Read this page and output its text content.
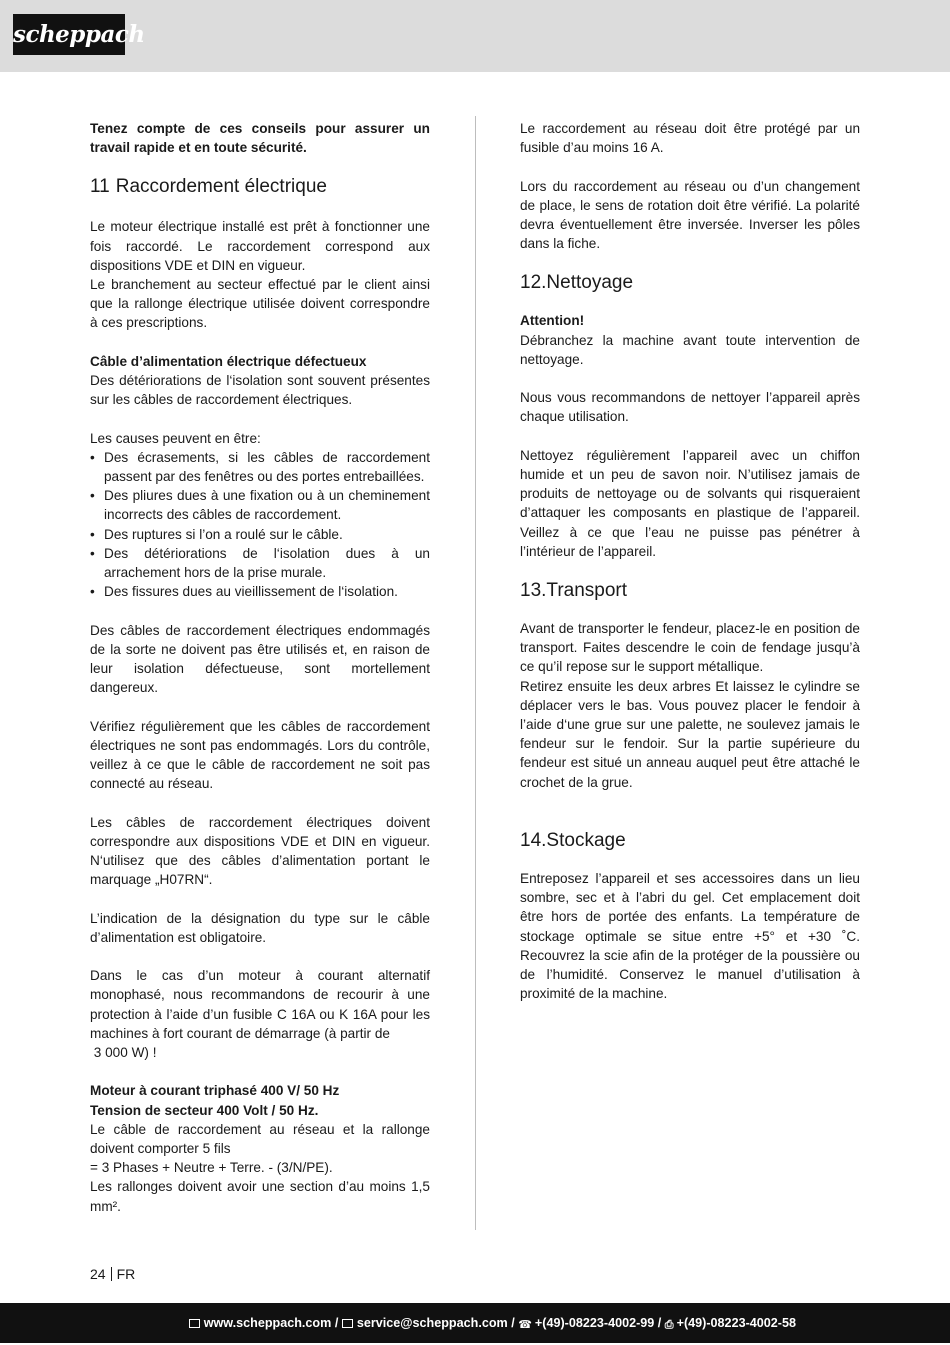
scheppach

Tenez compte de ces conseils pour assurer un travail rapide et en toute sécurité.

11 Raccordement électrique

Le moteur électrique installé est prêt à fonctionner une fois raccordé. Le raccordement correspond aux dispositions VDE et DIN en vigueur.

Le branchement au secteur effectué par le client ainsi que la rallonge électrique utilisée doivent correspondre à ces prescriptions.

Câble d’alimentation électrique défectueux

Des détériorations de l‘isolation sont souvent présentes sur les câbles de raccordement électriques.

Les causes peuvent en être:

• Des écrasements, si les câbles de raccordement passent par des fenêtres ou des portes entrebaillées.
• Des pliures dues à une fixation ou à un cheminement incorrects des câbles de raccordement.
• Des ruptures si l’on a roulé sur le câble.
• Des détériorations de l‘isolation dues à un arrachement hors de la prise murale.
• Des fissures dues au vieillissement de l‘isolation.

Des câbles de raccordement électriques endommagés de la sorte ne doivent pas être utilisés et, en raison de leur isolation défectueuse, sont mortellement dangereux.

Vérifiez régulièrement que les câbles de raccordement électriques ne sont pas endommagés. Lors du contrôle, veillez à ce que le câble de raccordement ne soit pas connecté au réseau.

Les câbles de raccordement électriques doivent correspondre aux dispositions VDE et DIN en vigueur. N‘utilisez que des câbles d’alimentation portant le marquage „H07RN“.

L’indication de la désignation du type sur le câble d’alimentation est obligatoire.

Dans le cas d’un moteur à courant alternatif monophasé, nous recommandons de recourir à une protection à l’aide d’un fusible C 16A ou K 16A pour les machines à fort courant de démarrage (à partir de

3 000 W) !

Moteur à courant triphasé 400 V/ 50 Hz

Tension de secteur 400 Volt / 50 Hz.

Le câble de raccordement au réseau et la rallonge doivent comporter 5 fils

= 3 Phases + Neutre + Terre. - (3/N/PE).

Les rallonges doivent avoir une section d’au moins 1,5 mm².

Le raccordement au réseau doit être protégé par un fusible d’au moins 16 A.

Lors du raccordement au réseau ou d’un changement de place, le sens de rotation doit être vérifié. La polarité devra éventuellement être inversée. Inverser les pôles dans la fiche.

12.Nettoyage

Attention!

Débranchez la machine avant toute intervention de nettoyage.

Nous vous recommandons de nettoyer l’appareil après chaque utilisation.

Nettoyez régulièrement l’appareil avec un chiffon humide et un peu de savon noir. N’utilisez jamais de produits de nettoyage ou de solvants qui risqueraient d’attaquer les composants en plastique de l’appareil. Veillez à ce que l’eau ne puisse pas pénétrer à l’intérieur de l’appareil.

13.Transport

Avant de transporter le fendeur, placez-le en position de transport. Faites descendre le coin de fendage jusqu’à ce qu’il repose sur le support métallique.

Retirez ensuite les deux arbres Et laissez le cylindre se déplacer vers le bas. Vous pouvez placer le fendoir à l’aide d‘une grue sur une palette, ne soulevez jamais le fendeur sur le fendoir. Sur la partie supérieure du fendeur est situé un anneau auquel peut être attaché le crochet de la grue.

14.Stockage

Entreposez l’appareil et ses accessoires dans un lieu sombre, sec et à l’abri du gel. Cet emplacement doit être hors de portée des enfants. La température de stockage optimale se situe entre +5° et +30 ˚C. Recouvrez la scie afin de la protéger de la poussière ou de l’humidité. Conservez le manuel d’utilisation à proximité de la machine.

24 FR
www.scheppach.com / service@scheppach.com / ☎ +(49)-08223-4002-99 / ⎙ +(49)-08223-4002-58
